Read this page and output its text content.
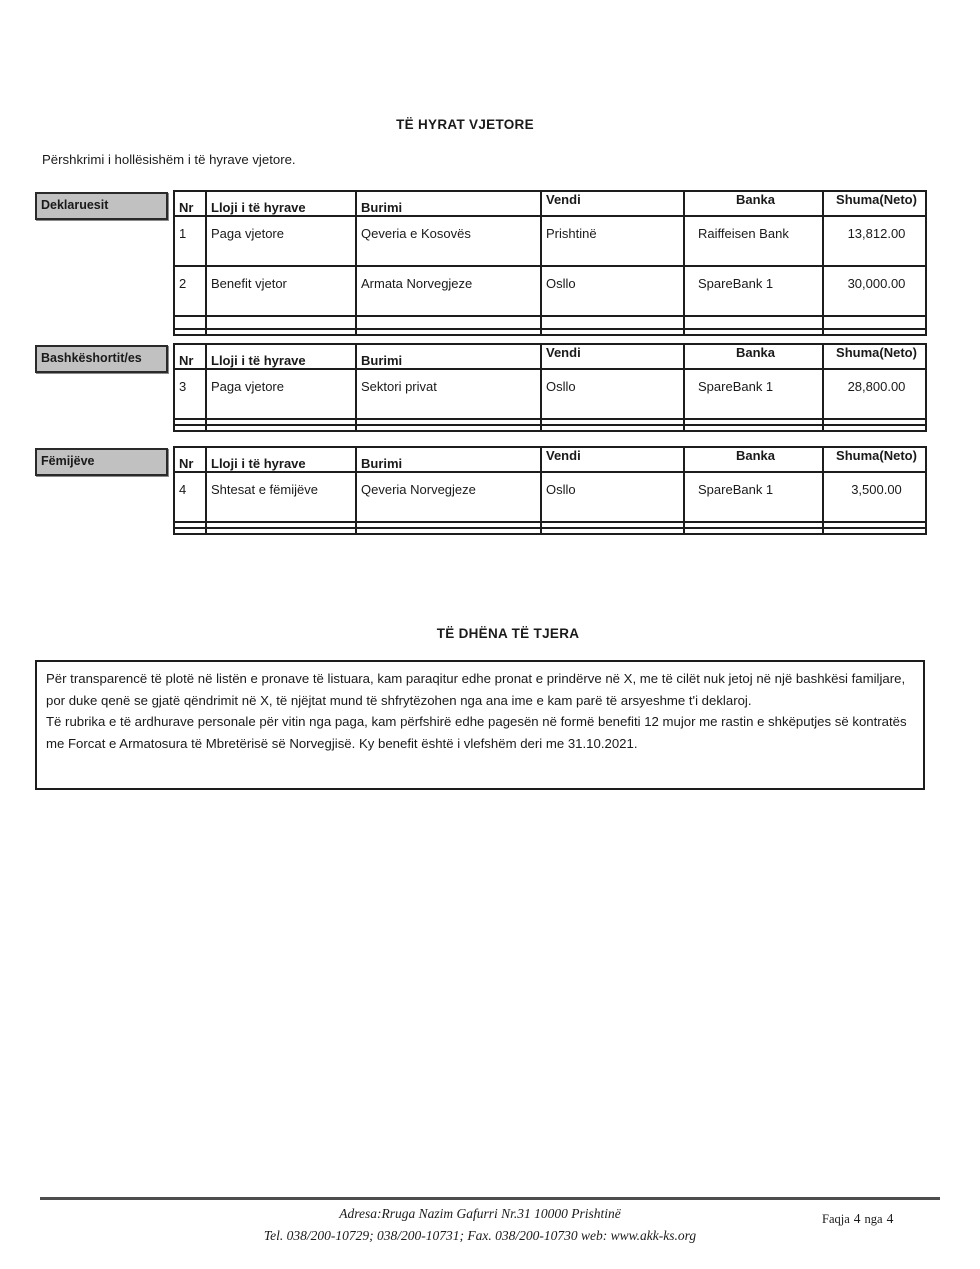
TË HYRAT VJETORE
Përshkrimi i hollësishëm i të hyrave vjetore.
Deklaruesit	Nr	Lloji i të hyrave	Burimi	Vendi	Banka	Shuma(Neto)
1	Paga vjetore	Qeveria e Kosovës	Prishtinë	Raiffeisen Bank	13,812.00
2	Benefit vjetor	Armata Norvegjeze	Osllo	SpareBank 1	30,000.00

Bashkëshortit/es	Nr	Lloji i të hyrave	Burimi	Vendi	Banka	Shuma(Neto)
3	Paga vjetore	Sektori privat	Osllo	SpareBank 1	28,800.00

Fëmijëve	Nr	Lloji i të hyrave	Burimi	Vendi	Banka	Shuma(Neto)
4	Shtesat e fëmijëve	Qeveria Norvegjeze	Osllo	SpareBank 1	3,500.00

TË DHËNA TË TJERA
Për transparencë të plotë në listën e pronave të listuara, kam paraqitur edhe pronat e prindërve në X, me të cilët nuk jetoj në një bashkësi familjare, por duke qenë se gjatë qëndrimit në X, të njëjtat mund të shfrytëzohen nga ana ime e kam parë të arsyeshme t'i deklaroj.
Të rubrika e të ardhurave personale për vitin nga paga, kam përfshirë edhe pagesën në formë benefiti 12 mujor me rastin e shkëputjes së kontratës me Forcat e Armatosura të Mbretërisë së Norvegjisë. Ky benefit është i vlefshëm deri me 31.10.2021.
Adresa:Rruga Nazim Gafurri Nr.31 10000 Prishtinë
Tel. 038/200-10729; 038/200-10731; Fax. 038/200-10730 web: www.akk-ks.org
Faqja 4 nga 4
